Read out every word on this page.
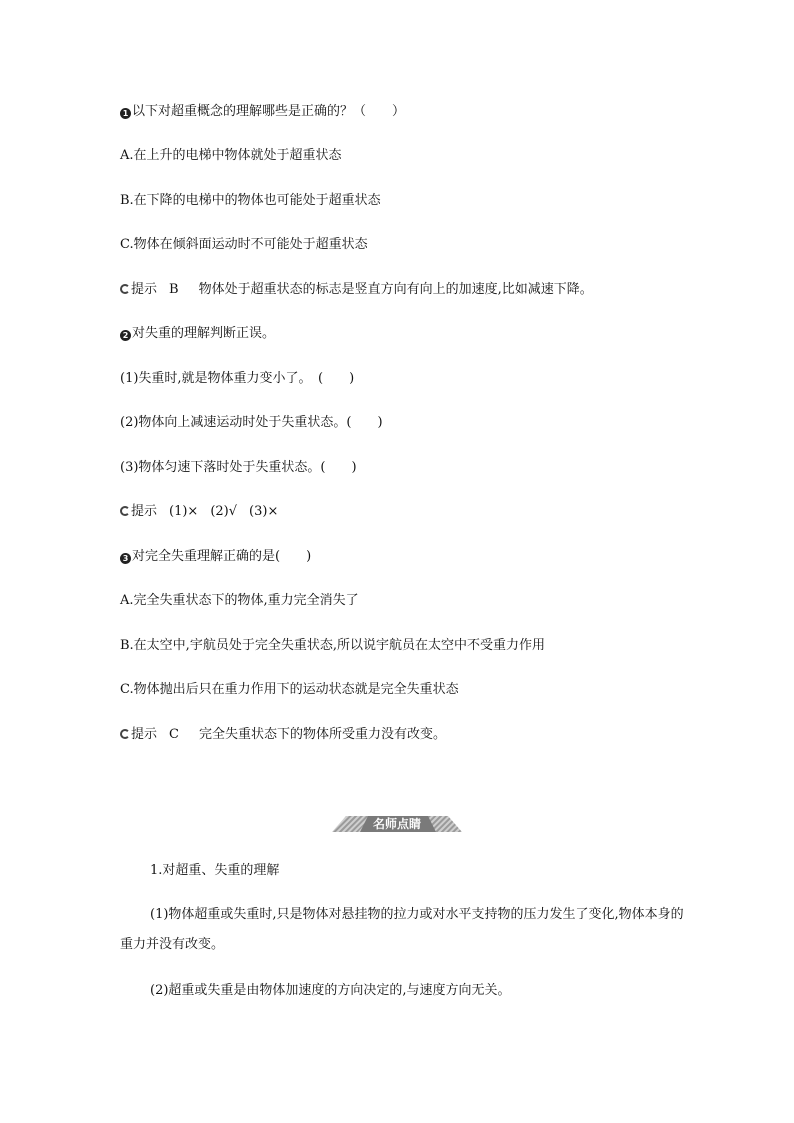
1 以下对超重概念的理解哪些是正确的？（　　）
A.在上升的电梯中物体就处于超重状态
B.在下降的电梯中的物体也可能处于超重状态
C.物体在倾斜面运动时不可能处于超重状态
提示 B 物体处于超重状态的标志是竖直方向有向上的加速度,比如减速下降。
2 对失重的理解判断正误。
(1)失重时,就是物体重力变小了。　(　　)
(2)物体向上减速运动时处于失重状态。(　　)
(3)物体匀速下落时处于失重状态。(　　)
提示 (1)× (2)√ (3)×
3 对完全失重理解正确的是(　　)
A.完全失重状态下的物体,重力完全消失了
B.在太空中,宇航员处于完全失重状态,所以说宇航员在太空中不受重力作用
C.物体抛出后只在重力作用下的运动状态就是完全失重状态
提示 C 完全失重状态下的物体所受重力没有改变。
名师点睛
1.对超重、失重的理解
(1)物体超重或失重时,只是物体对悬挂物的拉力或对水平支持物的压力发生了变化,物体本身的重力并没有改变。
(2)超重或失重是由物体加速度的方向决定的,与速度方向无关。
